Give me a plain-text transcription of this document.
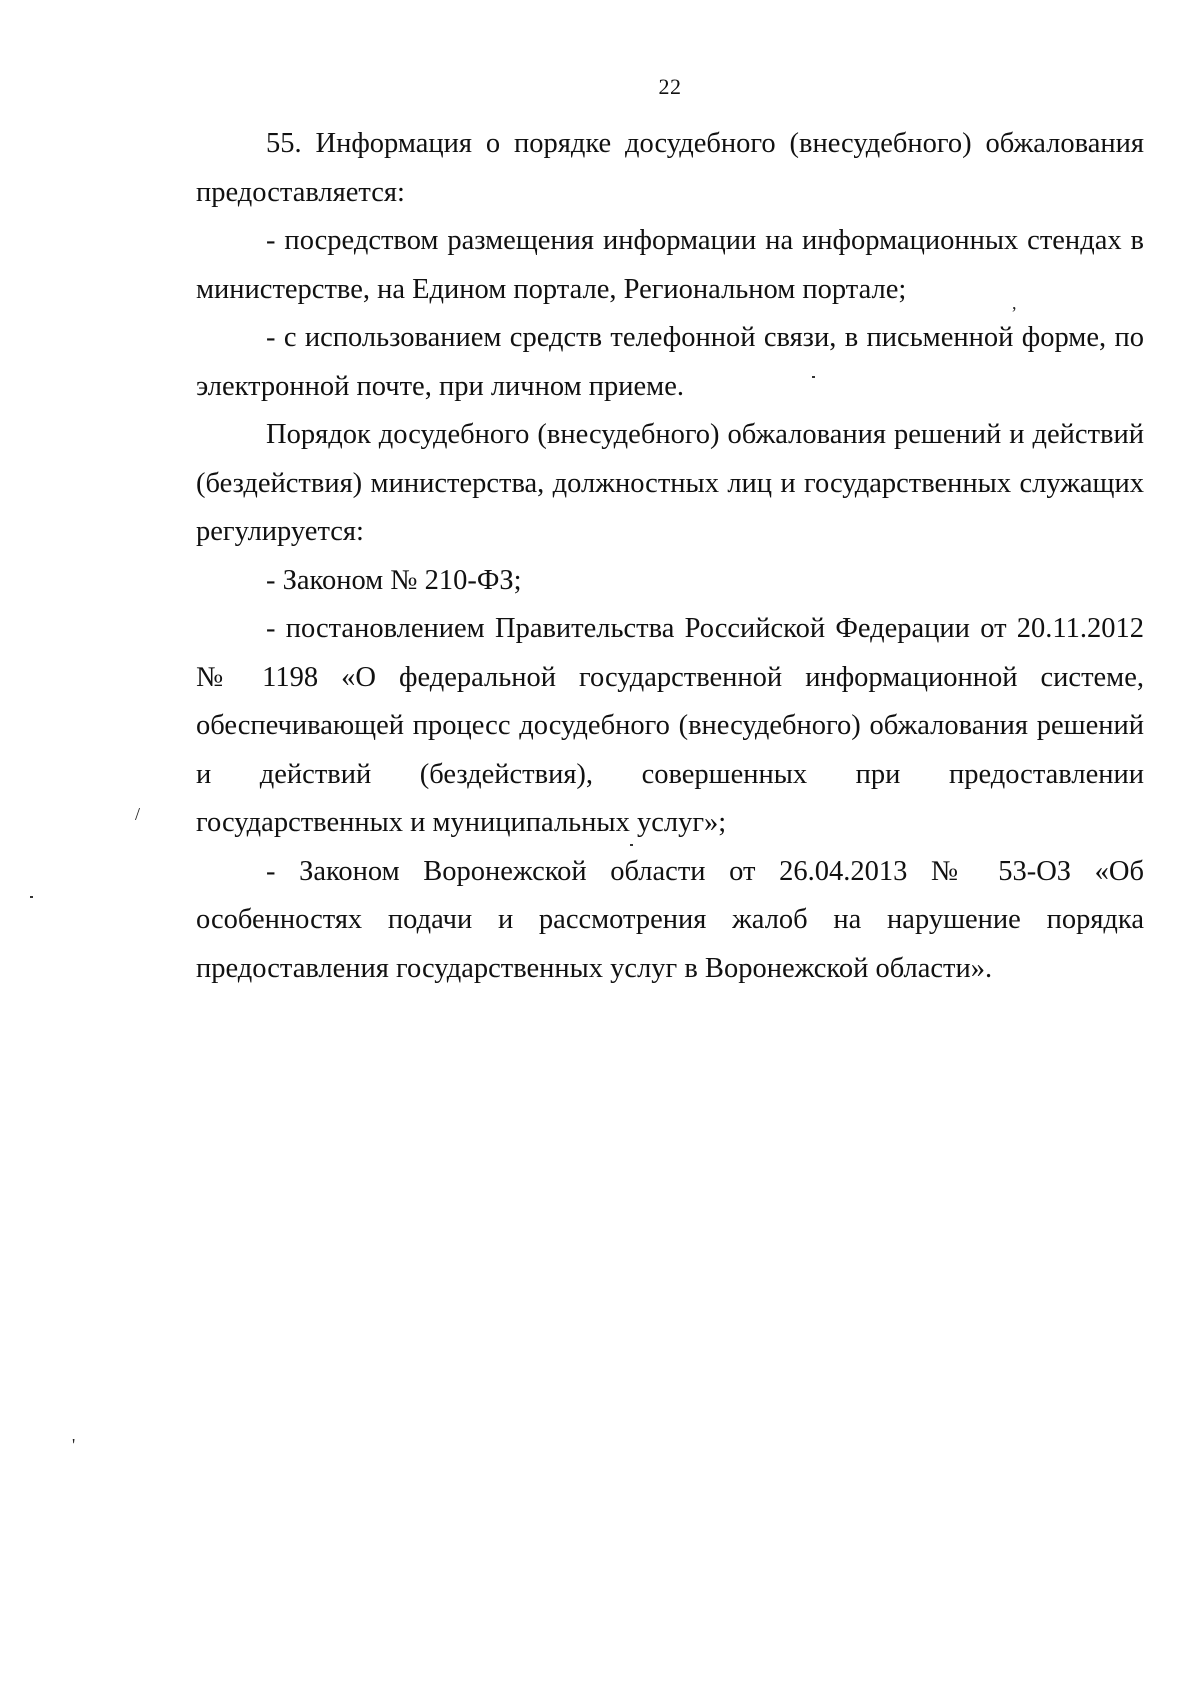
22

55. Информация о порядке досудебного (внесудебного) обжалования предоставляется:

- посредством размещения информации на информационных стендах в министерстве, на Едином портале, Региональном портале;

- с использованием средств телефонной связи, в письменной форме, по электронной почте, при личном приеме.

Порядок досудебного (внесудебного) обжалования решений и действий (бездействия) министерства, должностных лиц и государственных служащих регулируется:

- Законом № 210-ФЗ;

- постановлением Правительства Российской Федерации от 20.11.2012 № 1198 «О федеральной государственной информационной системе, обеспечивающей процесс досудебного (внесудебного) обжалования решений и действий (бездействия), совершенных при предоставлении государственных и муниципальных услуг»;

- Законом Воронежской области от 26.04.2013 № 53-ОЗ «Об особенностях подачи и рассмотрения жалоб на нарушение порядка предоставления государственных услуг в Воронежской области».

,
/
'
